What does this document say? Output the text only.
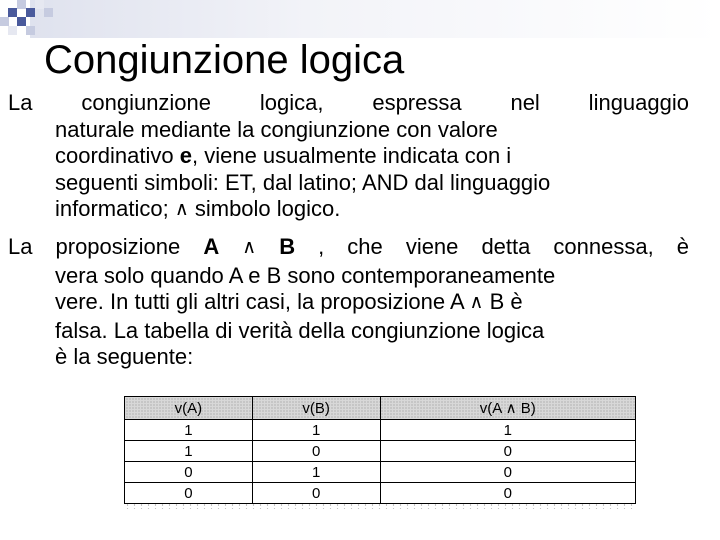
Congiunzione logica
La congiunzione logica, espressa nel linguaggio
naturale mediante la congiunzione con valore
coordinativo e, viene usualmente indicata con i
seguenti simboli: ET, dal latino; AND dal linguaggio
informatico; ∧ simbolo logico.
La proposizione A ∧ B , che viene detta connessa, è
vera solo quando A e B sono contemporaneamente
vere. In tutti gli altri casi, la proposizione A ∧ B è
falsa. La tabella di verità della congiunzione logica
è la seguente:
v(A)	v(B)	v(A ∧ B)
1	1	1
1	0	0
0	1	0
0	0	0
